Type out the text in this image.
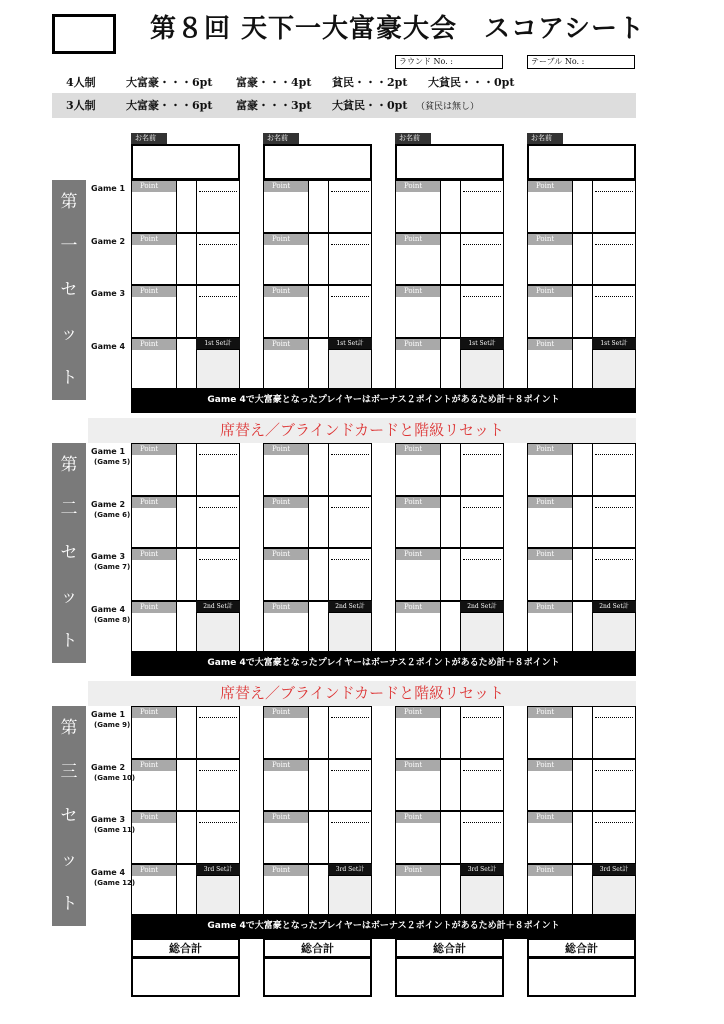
第８回 天下一大富豪大会　スコアシート
ラウンド No. :	テーブル No. :
4人制	大富豪・・・6pt 富豪・・・4pt 貧民・・・2pt 大貧民・・・0pt
3人制	大富豪・・・6pt 富豪・・・3pt 大貧民・・0pt （貧民は無し）
お名前	お名前	お名前	お名前
第
一
セ
ッ
ト
Game 1	Point	Point	Point	Point
Game 2	Point	Point	Point	Point
Game 3	Point	Point	Point	Point
Game 4	Point	1st Set計	Point	1st Set計	Point	1st Set計	Point	1st Set計
Game 4で大富豪となったプレイヤーはボーナス２ポイントがあるため計＋８ポイント
席替え／ブラインドカードと階級リセット
第
二
セ
ッ
ト
Game 1
(Game 5)
Point	Point	Point	Point
Game 2
(Game 6)
Point	Point	Point	Point
Game 3
(Game 7)
Point	Point	Point	Point
Game 4
(Game 8)
Point	2nd Set計	Point	2nd Set計	Point	2nd Set計	Point	2nd Set計
Game 4で大富豪となったプレイヤーはボーナス２ポイントがあるため計＋８ポイント
席替え／ブラインドカードと階級リセット
第
三
セ
ッ
ト
Game 1
(Game 9)
Point	Point	Point	Point
Game 2
(Game 10)
Point	Point	Point	Point
Game 3
(Game 11)
Point	Point	Point	Point
Game 4
(Game 12)
Point	3rd Set計	Point	3rd Set計	Point	3rd Set計	Point	3rd Set計
Game 4で大富豪となったプレイヤーはボーナス２ポイントがあるため計＋８ポイント
総合計	総合計	総合計	総合計
